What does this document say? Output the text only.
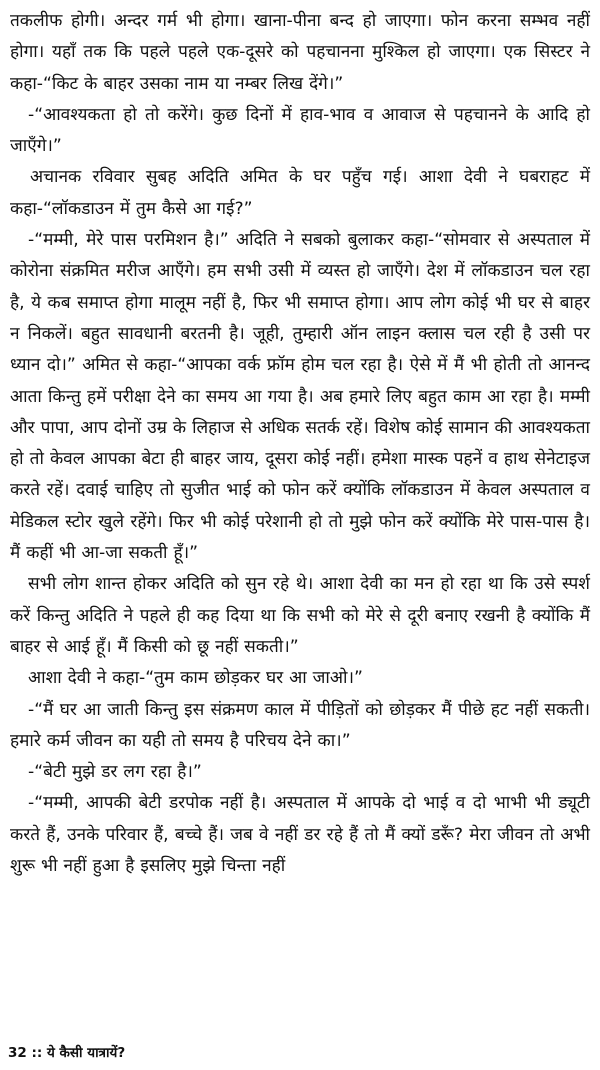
तकलीफ होगी। अन्दर गर्म भी होगा। खाना-पीना बन्द हो जाएगा। फोन करना सम्भव नहीं होगा। यहाँ तक कि पहले पहले एक-दूसरे को पहचानना मुश्किल हो जाएगा। एक सिस्टर ने कहा-“किट के बाहर उसका नाम या नम्बर लिख देंगे।”

-“आवश्यकता हो तो करेंगे। कुछ दिनों में हाव-भाव व आवाज से पहचानने के आदि हो जाएँगे।”

अचानक रविवार सुबह अदिति अमित के घर पहुँच गई। आशा देवी ने घबराहट में कहा-“लॉकडाउन में तुम कैसे आ गई?”

-“मम्मी, मेरे पास परमिशन है।” अदिति ने सबको बुलाकर कहा-“सोमवार से अस्पताल में कोरोना संक्रमित मरीज आएँगे। हम सभी उसी में व्यस्त हो जाएँगे। देश में लॉकडाउन चल रहा है, ये कब समाप्त होगा मालूम नहीं है, फिर भी समाप्त होगा। आप लोग कोई भी घर से बाहर न निकलें। बहुत सावधानी बरतनी है। जूही, तुम्हारी ऑन लाइन क्लास चल रही है उसी पर ध्यान दो।” अमित से कहा-“आपका वर्क फ्रॉम होम चल रहा है। ऐसे में मैं भी होती तो आनन्द आता किन्तु हमें परीक्षा देने का समय आ गया है। अब हमारे लिए बहुत काम आ रहा है। मम्मी और पापा, आप दोनों उम्र के लिहाज से अधिक सतर्क रहें। विशेष कोई सामान की आवश्यकता हो तो केवल आपका बेटा ही बाहर जाय, दूसरा कोई नहीं। हमेशा मास्क पहनें व हाथ सेनेटाइज करते रहें। दवाई चाहिए तो सुजीत भाई को फोन करें क्योंकि लॉकडाउन में केवल अस्पताल व मेडिकल स्टोर खुले रहेंगे। फिर भी कोई परेशानी हो तो मुझे फोन करें क्योंकि मेरे पास-पास है। मैं कहीं भी आ-जा सकती हूँ।”

सभी लोग शान्त होकर अदिति को सुन रहे थे। आशा देवी का मन हो रहा था कि उसे स्पर्श करें किन्तु अदिति ने पहले ही कह दिया था कि सभी को मेरे से दूरी बनाए रखनी है क्योंकि मैं बाहर से आई हूँ। मैं किसी को छू नहीं सकती।”

आशा देवी ने कहा-“तुम काम छोड़कर घर आ जाओ।”

-“मैं घर आ जाती किन्तु इस संक्रमण काल में पीड़ितों को छोड़कर मैं पीछे हट नहीं सकती। हमारे कर्म जीवन का यही तो समय है परिचय देने का।”

-“बेटी मुझे डर लग रहा है।”

-“मम्मी, आपकी बेटी डरपोक नहीं है। अस्पताल में आपके दो भाई व दो भाभी भी ड्यूटी करते हैं, उनके परिवार हैं, बच्चे हैं। जब वे नहीं डर रहे हैं तो मैं क्यों डरूँ? मेरा जीवन तो अभी शुरू भी नहीं हुआ है इसलिए मुझे चिन्ता नहीं

32 :: ये कैसी यात्रायें?
